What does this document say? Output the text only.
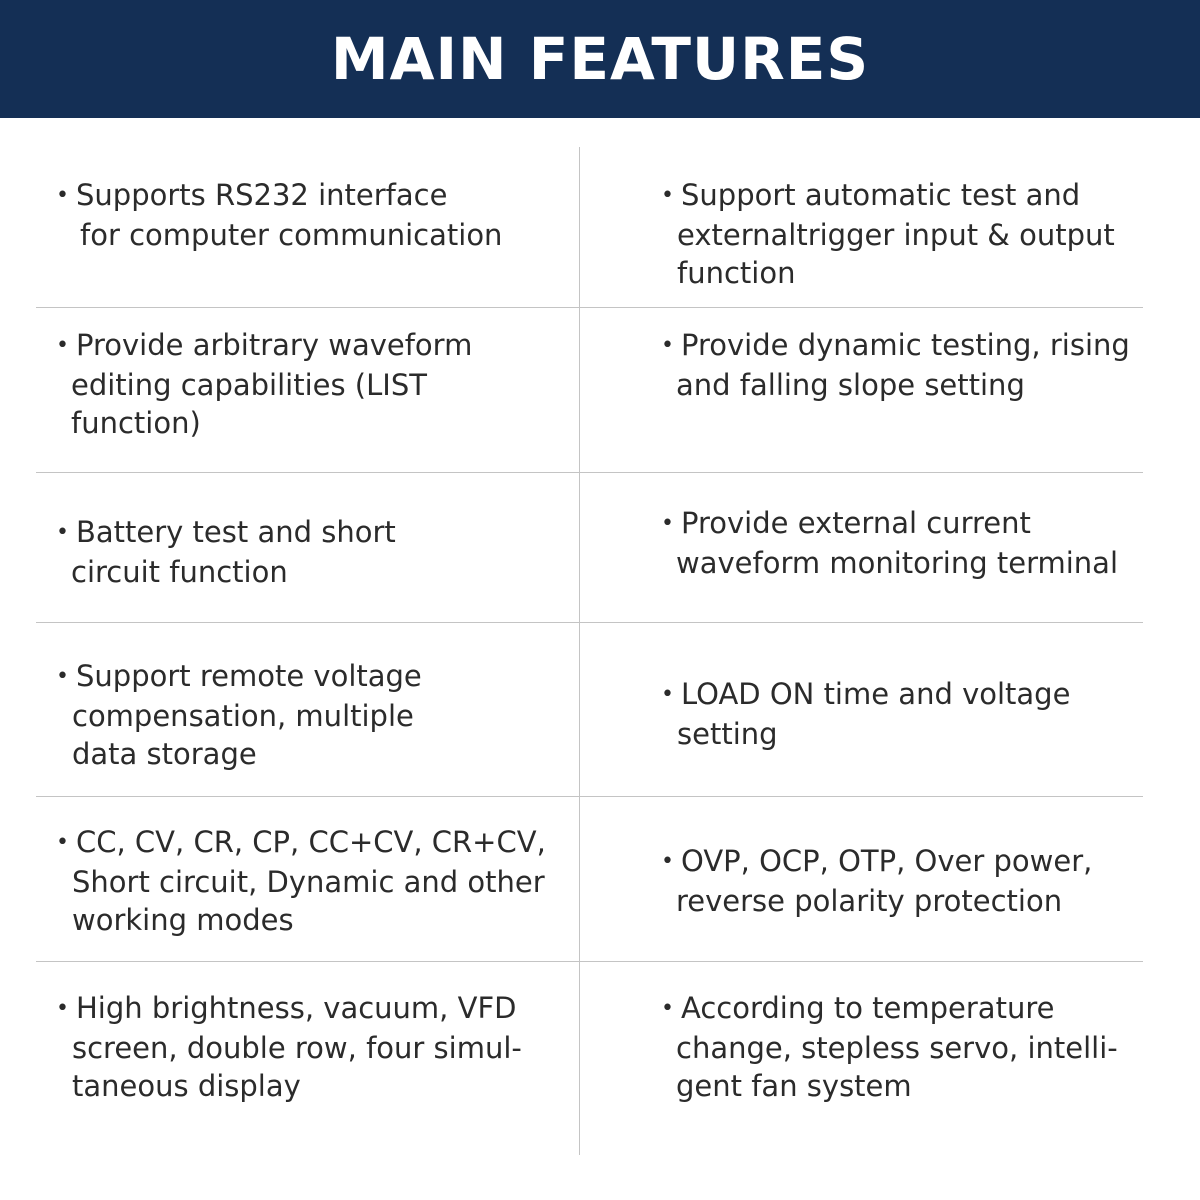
MAIN FEATURES
• Supports RS232 interface
for computer communication
• Provide arbitrary waveform
editing capabilities (LIST
function)
• Battery test and short
circuit function
• Support remote voltage
compensation, multiple
data storage
• CC, CV, CR, CP, CC+CV, CR+CV,
Short circuit, Dynamic and other
working modes
• High brightness, vacuum, VFD
screen, double row, four simul-
taneous display
• Support automatic test and
externaltrigger input & output
function
• Provide dynamic testing, rising
and falling slope setting
• Provide external current
waveform monitoring terminal
• LOAD ON time and voltage
setting
• OVP, OCP, OTP, Over power,
reverse polarity protection
• According to temperature
change, stepless servo, intelli-
gent fan system
